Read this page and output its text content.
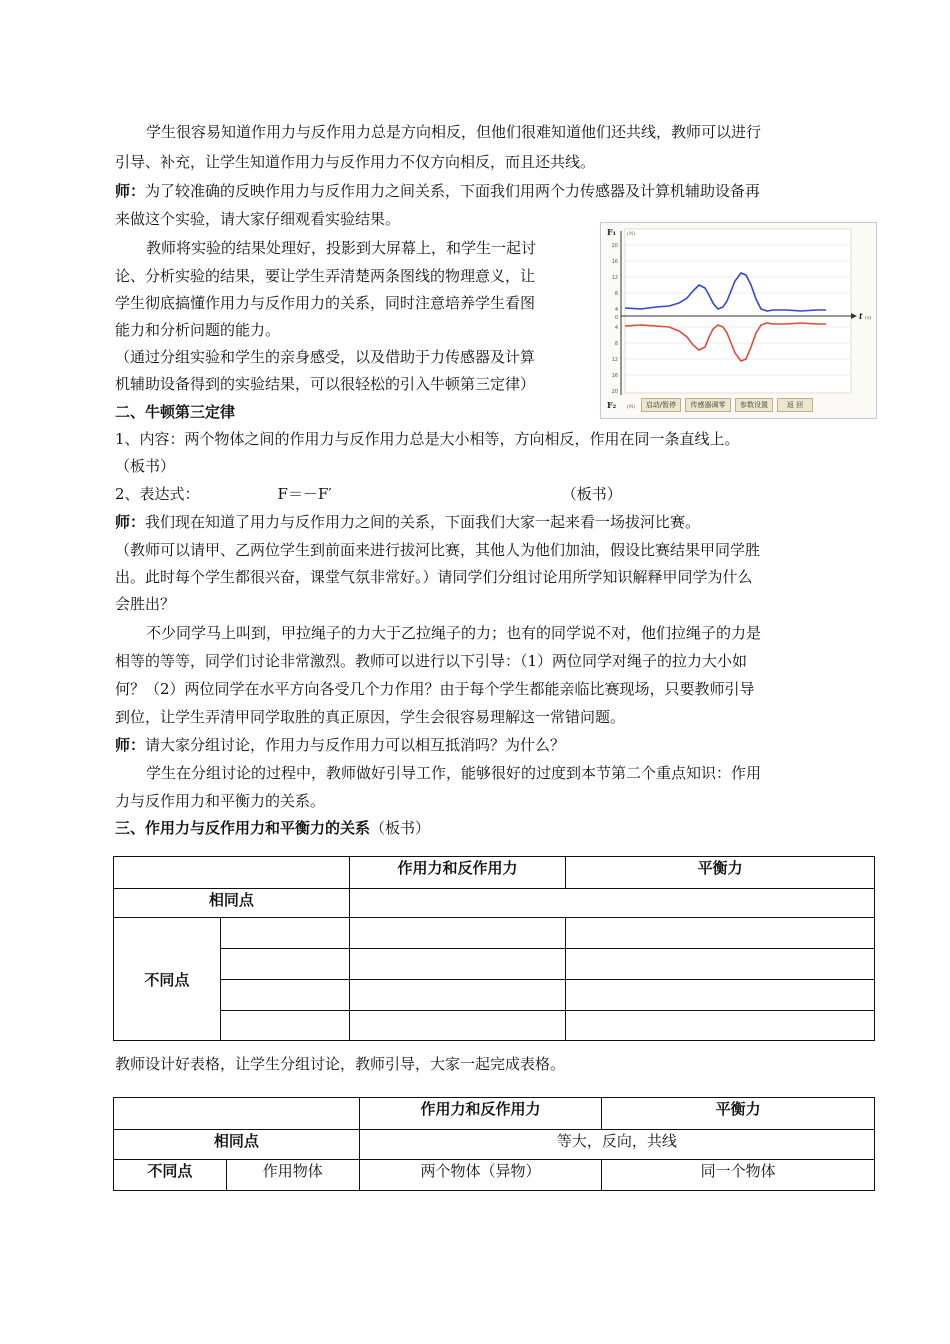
学生很容易知道作用力与反作用力总是方向相反，但他们很难知道他们还共线，教师可以进行
引导、补充，让学生知道作用力与反作用力不仅方向相反，而且还共线。
师：为了较准确的反映作用力与反作用力之间关系，下面我们用两个力传感器及计算机辅助设备再
来做这个实验，请大家仔细观看实验结果。
教师将实验的结果处理好，投影到大屏幕上，和学生一起讨
论、分析实验的结果，要让学生弄清楚两条图线的物理意义，让
学生彻底搞懂作用力与反作用力的关系，同时注意培养学生看图
能力和分析问题的能力。
（通过分组实验和学生的亲身感受，以及借助于力传感器及计算
机辅助设备得到的实验结果，可以很轻松的引入牛顿第三定律）
F₁ (N)
F₂ (N)
t (s)
20
16
12
8
4
0
4
8
12
16
20
启动/暂停	传感器调零	参数设置	返 回
二、牛顿第三定律
1、内容：两个物体之间的作用力与反作用力总是大小相等，方向相反，作用在同一条直线上。
（板书）
2、表达式：	F＝－F′	（板书）
师：我们现在知道了用力与反作用力之间的关系，下面我们大家一起来看一场拔河比赛。
（教师可以请甲、乙两位学生到前面来进行拔河比赛，其他人为他们加油，假设比赛结果甲同学胜
出。此时每个学生都很兴奋，课堂气氛非常好。）请同学们分组讨论用所学知识解释甲同学为什么
会胜出？
不少同学马上叫到，甲拉绳子的力大于乙拉绳子的力；也有的同学说不对，他们拉绳子的力是
相等的等等，同学们讨论非常激烈。教师可以进行以下引导：（1）两位同学对绳子的拉力大小如
何？（2）两位同学在水平方向各受几个力作用？由于每个学生都能亲临比赛现场，只要教师引导
到位，让学生弄清甲同学取胜的真正原因，学生会很容易理解这一常错问题。
师：请大家分组讨论，作用力与反作用力可以相互抵消吗？为什么？
学生在分组讨论的过程中，教师做好引导工作，能够很好的过度到本节第二个重点知识：作用
力与反作用力和平衡力的关系。
三、作用力与反作用力和平衡力的关系（板书）
		作用力和反作用力	平衡力
相同点			
不同点			

教师设计好表格，让学生分组讨论，教师引导，大家一起完成表格。
		作用力和反作用力	平衡力
相同点		等大，反向，共线	
不同点	作用物体	两个物体（异物）	同一个物体
